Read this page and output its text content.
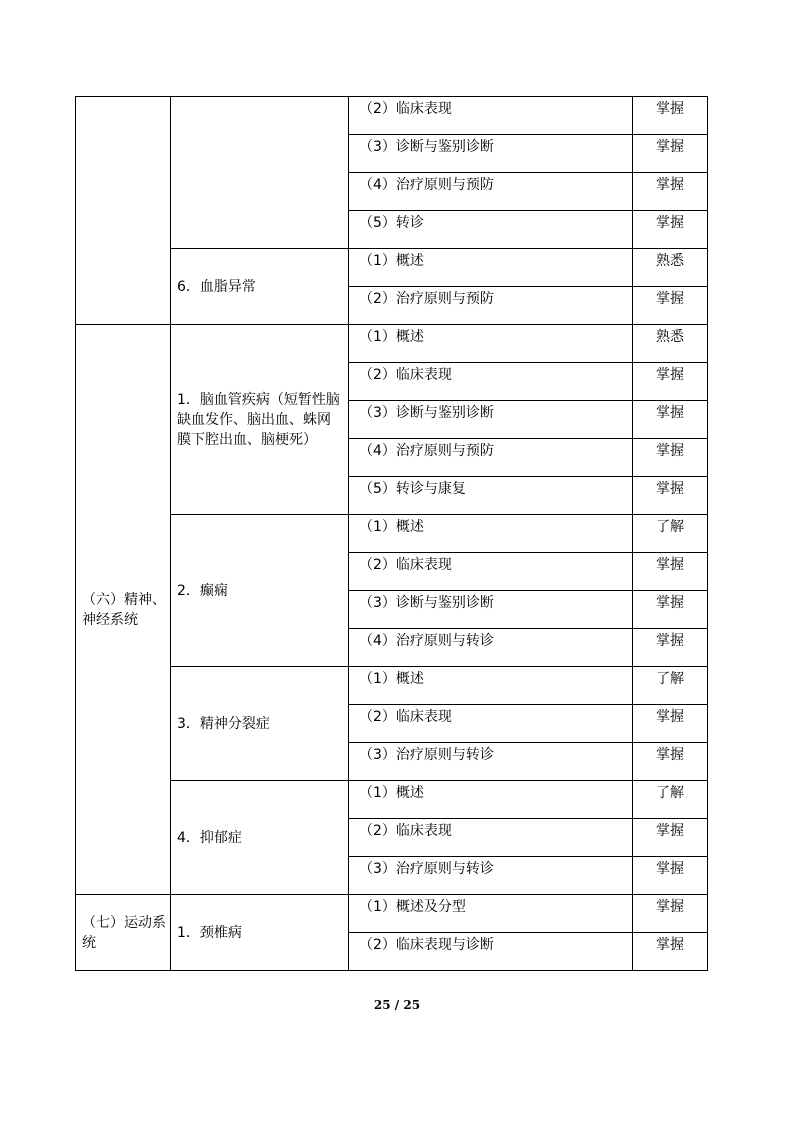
		（2）临床表现	掌握

		（3）诊断与鉴别诊断	掌握

		（4）治疗原则与预防	掌握

		（5）转诊	掌握

	6．血脂异常	（1）概述	熟悉

		（2）治疗原则与预防	掌握

（六）精神、神经系统	1．脑血管疾病（短暂性脑缺血发作、脑出血、蛛网膜下腔出血、脑梗死）	（1）概述	熟悉

		（2）临床表现	掌握

		（3）诊断与鉴别诊断	掌握

		（4）治疗原则与预防	掌握

		（5）转诊与康复	掌握

	2．癫痫	（1）概述	了解

		（2）临床表现	掌握

		（3）诊断与鉴别诊断	掌握

		（4）治疗原则与转诊	掌握

	3．精神分裂症	（1）概述	了解

		（2）临床表现	掌握

		（3）治疗原则与转诊	掌握

	4．抑郁症	（1）概述	了解

		（2）临床表现	掌握

		（3）治疗原则与转诊	掌握

（七）运动系统	1．颈椎病	（1）概述及分型	掌握

		（2）临床表现与诊断	掌握
25 / 25
